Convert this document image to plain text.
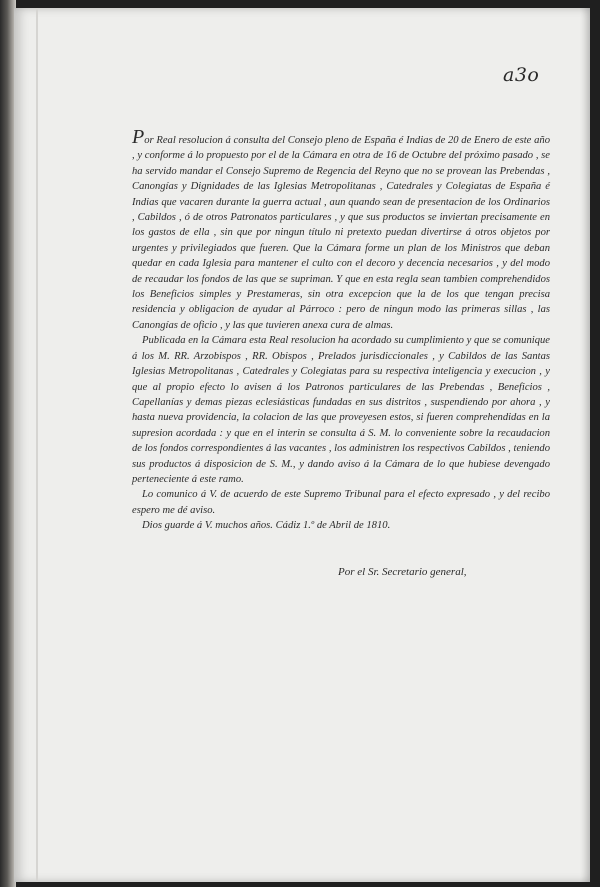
a3o

Por Real resolucion á consulta del Consejo pleno de España é Indias de 20 de Enero de este año , y conforme á lo propuesto por el de la Cámara en otra de 16 de Octubre del próximo pasado , se ha servido mandar el Consejo Supremo de Regencia del Reyno que no se provean las Prebendas , Canongías y Dignidades de las Iglesias Metropolitanas , Catedrales y Colegiatas de España é Indias que vacaren durante la guerra actual , aun quando sean de presentacion de los Ordinarios , Cabildos , ó de otros Patronatos particulares , y que sus productos se inviertan precisamente en los gastos de ella , sin que por ningun título ni pretexto puedan divertirse á otros objetos por urgentes y privilegiados que fueren. Que la Cámara forme un plan de los Ministros que deban quedar en cada Iglesia para mantener el culto con el decoro y decencia necesarios , y del modo de recaudar los fondos de las que se supriman. Y que en esta regla sean tambien comprehendidos los Beneficios simples y Prestameras, sin otra excepcion que la de los que tengan precisa residencia y obligacion de ayudar al Párroco : pero de ningun modo las primeras sillas , las Canongías de oficio , y las que tuvieren anexa cura de almas.

Publicada en la Cámara esta Real resolucion ha acordado su cumplimiento y que se comunique á los M. RR. Arzobispos , RR. Obispos , Prelados jurisdiccionales , y Cabildos de las Santas Iglesias Metropolitanas , Catedrales y Colegiatas para su respectiva inteligencia y execucion , y que al propio efecto lo avisen á los Patronos particulares de las Prebendas , Beneficios , Capellanías y demas piezas eclesiásticas fundadas en sus distritos , suspendiendo por ahora , y hasta nueva providencia, la colacion de las que proveyesen estos, si fueren comprehendidas en la supresion acordada : y que en el interin se consulta á S. M. lo conveniente sobre la recaudacion de los fondos correspondientes á las vacantes , los administren los respectivos Cabildos , teniendo sus productos á disposicion de S. M., y dando aviso á la Cámara de lo que hubiese devengado perteneciente á este ramo.

Lo comunico á V. de acuerdo de este Supremo Tribunal para el efecto expresado , y del recibo espero me dé aviso.

Dios guarde á V. muchos años. Cádiz 1.º de Abril de 1810.

Por el Sr. Secretario general,
